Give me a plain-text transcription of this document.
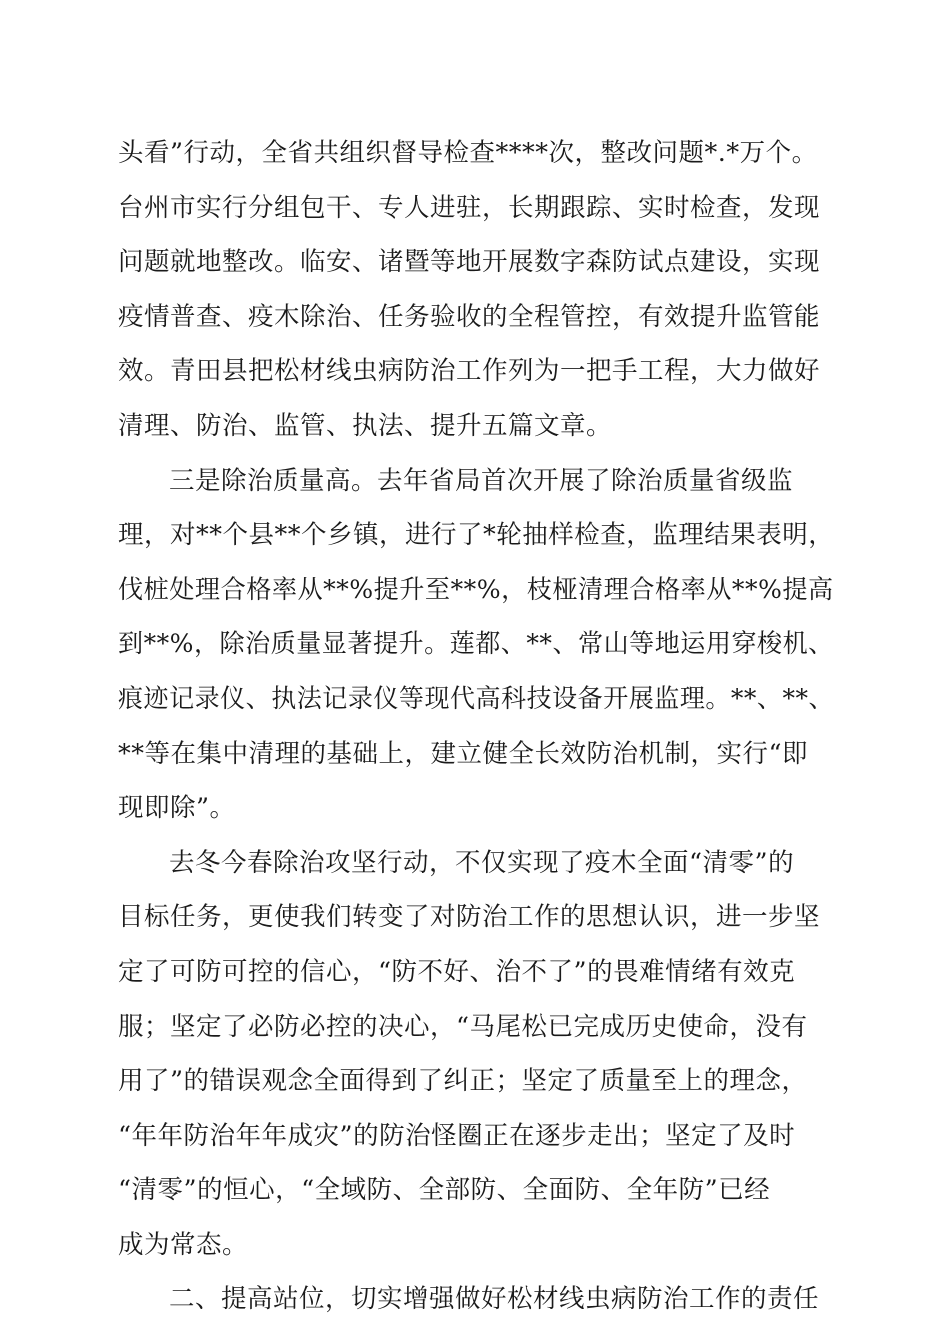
头看”行动，全省共组织督导检查****次，整改问题*.*万个。
台州市实行分组包干、专人进驻，长期跟踪、实时检查，发现
问题就地整改。临安、诸暨等地开展数字森防试点建设，实现
疫情普查、疫木除治、任务验收的全程管控，有效提升监管能
效。青田县把松材线虫病防治工作列为一把手工程，大力做好
清理、防治、监管、执法、提升五篇文章。
三是除治质量高。去年省局首次开展了除治质量省级监
理，对**个县**个乡镇，进行了*轮抽样检查，监理结果表明，
伐桩处理合格率从**%提升至**%，枝桠清理合格率从**%提高
到**%，除治质量显著提升。莲都、**、常山等地运用穿梭机、
痕迹记录仪、执法记录仪等现代高科技设备开展监理。**、**、
**等在集中清理的基础上，建立健全长效防治机制，实行“即
现即除”。
去冬今春除治攻坚行动，不仅实现了疫木全面“清零”的
目标任务，更使我们转变了对防治工作的思想认识，进一步坚
定了可防可控的信心，“防不好、治不了”的畏难情绪有效克
服；坚定了必防必控的决心，“马尾松已完成历史使命，没有
用了”的错误观念全面得到了纠正；坚定了质量至上的理念，
“年年防治年年成灾”的防治怪圈正在逐步走出；坚定了及时
“清零”的恒心，“全域防、全部防、全面防、全年防”已经
成为常态。
二、提高站位，切实增强做好松材线虫病防治工作的责任
